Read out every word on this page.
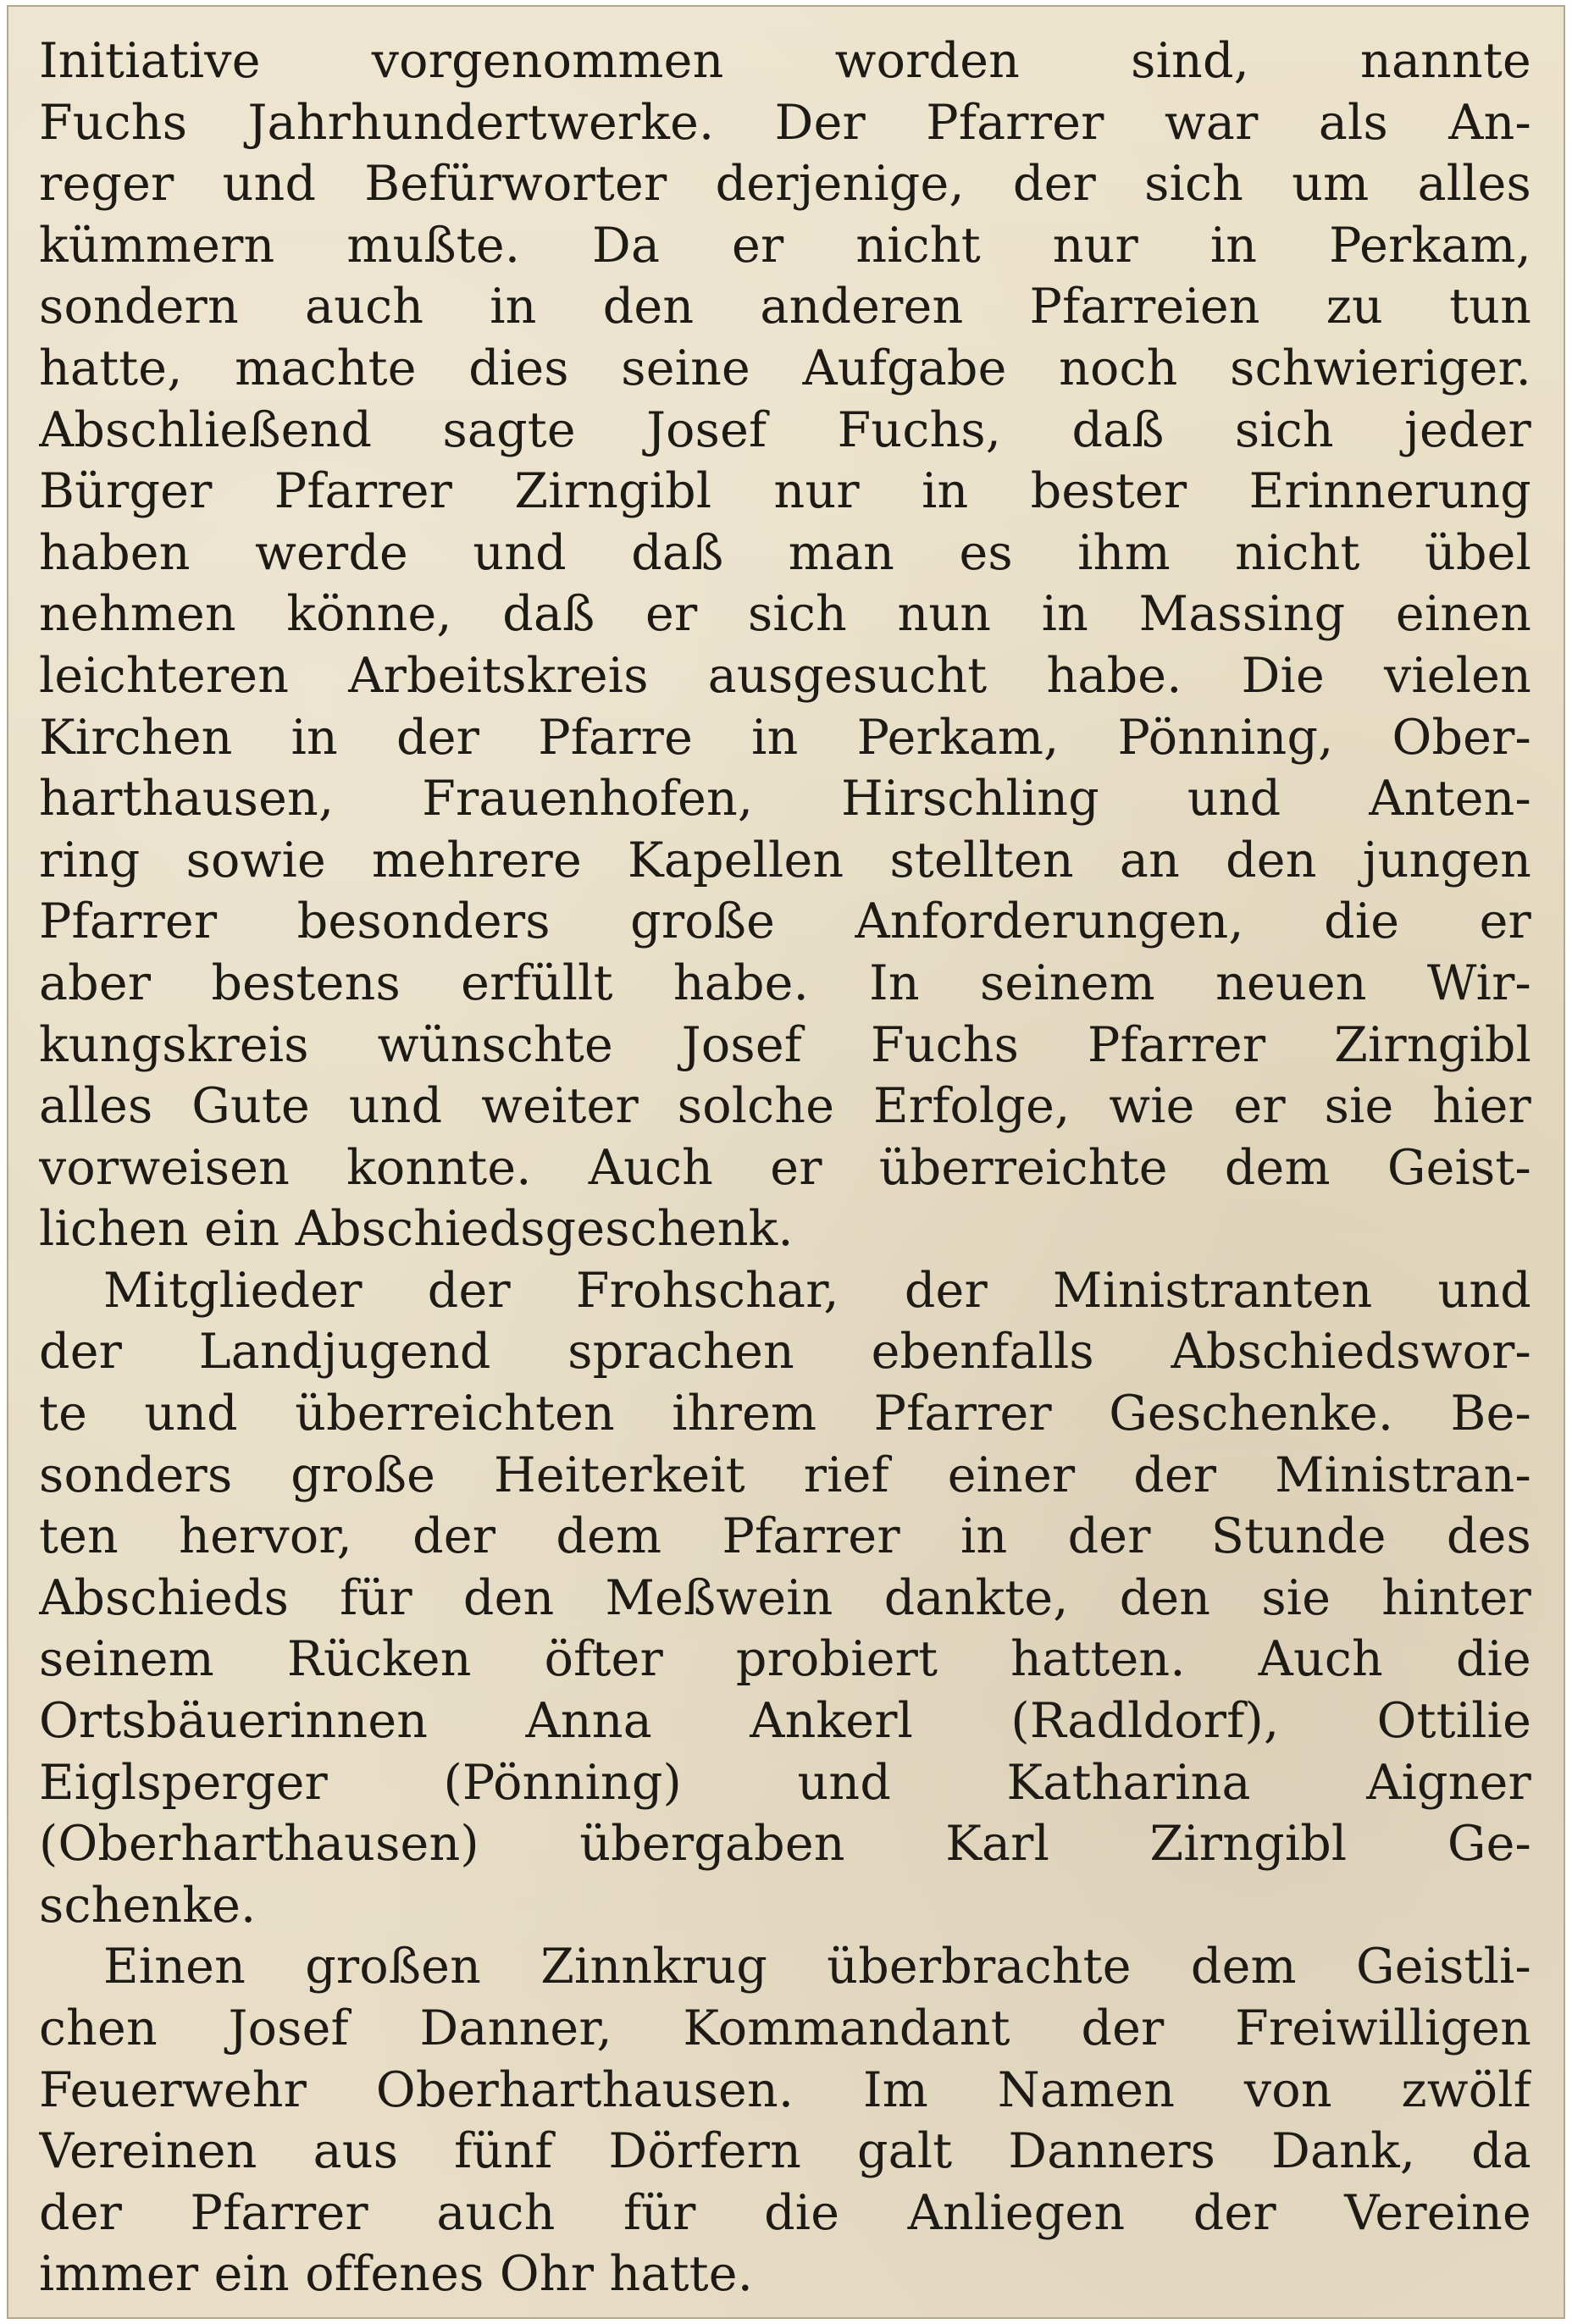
Initiative vorgenommen worden sind, nannte
Fuchs Jahrhundertwerke. Der Pfarrer war als An-
reger und Befürworter derjenige, der sich um alles
kümmern mußte. Da er nicht nur in Perkam,
sondern auch in den anderen Pfarreien zu tun
hatte, machte dies seine Aufgabe noch schwieriger.
Abschließend sagte Josef Fuchs, daß sich jeder
Bürger Pfarrer Zirngibl nur in bester Erinnerung
haben werde und daß man es ihm nicht übel
nehmen könne, daß er sich nun in Massing einen
leichteren Arbeitskreis ausgesucht habe. Die vielen
Kirchen in der Pfarre in Perkam, Pönning, Ober-
harthausen, Frauenhofen, Hirschling und Anten-
ring sowie mehrere Kapellen stellten an den jungen
Pfarrer besonders große Anforderungen, die er
aber bestens erfüllt habe. In seinem neuen Wir-
kungskreis wünschte Josef Fuchs Pfarrer Zirngibl
alles Gute und weiter solche Erfolge, wie er sie hier
vorweisen konnte. Auch er überreichte dem Geist-
lichen ein Abschiedsgeschenk.
Mitglieder der Frohschar, der Ministranten und
der Landjugend sprachen ebenfalls Abschiedswor-
te und überreichten ihrem Pfarrer Geschenke. Be-
sonders große Heiterkeit rief einer der Ministran-
ten hervor, der dem Pfarrer in der Stunde des
Abschieds für den Meßwein dankte, den sie hinter
seinem Rücken öfter probiert hatten. Auch die
Ortsbäuerinnen Anna Ankerl (Radldorf), Ottilie
Eiglsperger (Pönning) und Katharina Aigner
(Oberharthausen) übergaben Karl Zirngibl Ge-
schenke.
Einen großen Zinnkrug überbrachte dem Geistli-
chen Josef Danner, Kommandant der Freiwilligen
Feuerwehr Oberharthausen. Im Namen von zwölf
Vereinen aus fünf Dörfern galt Danners Dank, da
der Pfarrer auch für die Anliegen der Vereine
immer ein offenes Ohr hatte.
